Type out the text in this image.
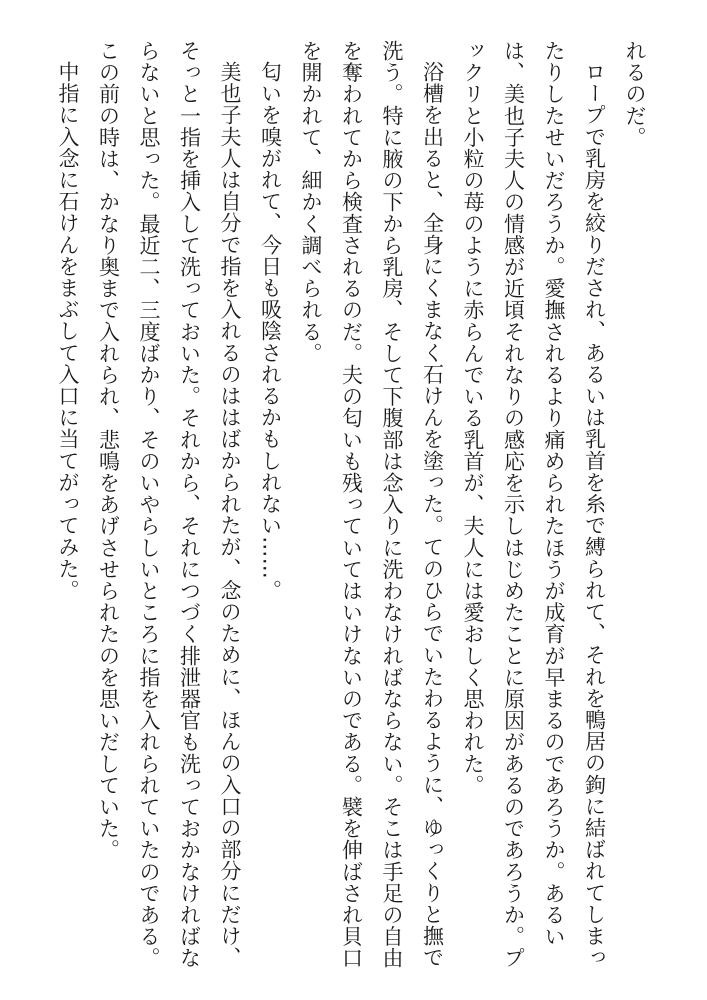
れるのだ。

ロープで乳房を絞りだされ、あるいは乳首を糸で縛られて、それを鴨居の鉤に結ばれてしまったりしたせいだろうか。愛撫されるより痛められたほうが成育が早まるのであろうか。あるいは、美也子夫人の情感が近頃それなりの感応を示しはじめたことに原因があるのであろうか。プックリと小粒の苺のように赤らんでいる乳首が、夫人には愛おしく思われた。

浴槽を出ると、全身にくまなく石けんを塗った。てのひらでいたわるように、ゆっくりと撫で洗う。特に腋の下から乳房、そして下腹部は念入りに洗わなければならない。そこは手足の自由を奪われてから検査されるのだ。夫の匂いも残っていてはいけないのである。襞を伸ばされ貝口を開かれて、細かく調べられる。

匂いを嗅がれて、今日も吸陰されるかもしれない……。

美也子夫人は自分で指を入れるのははばかられたが、念のために、ほんの入口の部分にだけ、そっと一指を挿入して洗っておいた。それから、それにつづく排泄器官も洗っておかなければならないと思った。最近二、三度ばかり、そのいやらしいところに指を入れられていたのである。この前の時は、かなり奥まで入れられ、悲鳴をあげさせられたのを思いだしていた。

中指に入念に石けんをまぶして入口に当てがってみた。
